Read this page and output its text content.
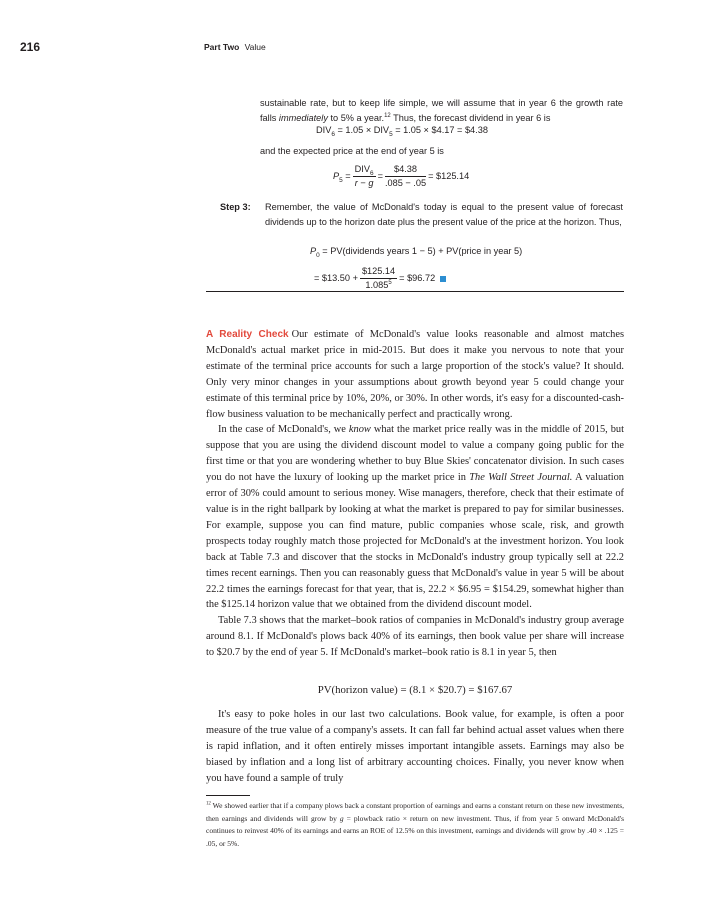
216	Part Two Value
sustainable rate, but to keep life simple, we will assume that in year 6 the growth rate falls immediately to 5% a year.$^{12}$ Thus, the forecast dividend in year 6 is
$DIV_6 = 1.05 \times DIV_5 = 1.05$ × $4.17 = $4.38
and the expected price at the end of year 5 is
$P_5 = \frac{DIV_6}{r - g} = \frac{\$4.38}{.085 - .05}$ = $125.14
Step 3: Remember, the value of McDonald's today is equal to the present value of forecast dividends up to the horizon date plus the present value of the price at the horizon. Thus,
$P_0$ = PV(dividends years 1 − 5) + PV(price in year 5)
= $13.50 + $\frac{\$125.14}{1.085^5}$ = $96.72

A Reality Check Our estimate of McDonald's value looks reasonable and almost matches McDonald's actual market price in mid-2015. But does it make you nervous to note that your estimate of the terminal price accounts for such a large proportion of the stock's value? It should. Only very minor changes in your assumptions about growth beyond year 5 could change your estimate of this terminal price by 10%, 20%, or 30%. In other words, it's easy for a discounted-cash-flow business valuation to be mechanically perfect and practically wrong.

In the case of McDonald's, we know what the market price really was in the middle of 2015, but suppose that you are using the dividend discount model to value a company going public for the first time or that you are wondering whether to buy Blue Skies' concatenator division. In such cases you do not have the luxury of looking up the market price in The Wall Street Journal. A valuation error of 30% could amount to serious money. Wise managers, therefore, check that their estimate of value is in the right ballpark by looking at what the market is prepared to pay for similar businesses. For example, suppose you can find mature, public companies whose scale, risk, and growth prospects today roughly match those projected for McDonald's at the investment horizon. You look back at Table 7.3 and discover that the stocks in McDonald's industry group typically sell at 22.2 times recent earnings. Then you can reasonably guess that McDonald's value in year 5 will be about 22.2 times the earnings forecast for that year, that is, 22.2 × $6.95 = $154.29, somewhat higher than the $125.14 horizon value that we obtained from the dividend discount model.

Table 7.3 shows that the market–book ratios of companies in McDonald's industry group average around 8.1. If McDonald's plows back 40% of its earnings, then book value per share will increase to $20.7 by the end of year 5. If McDonald's market–book ratio is 8.1 in year 5, then

PV(horizon value) = (8.1 × $20.7) = $167.67

It's easy to poke holes in our last two calculations. Book value, for example, is often a poor measure of the true value of a company's assets. It can fall far behind actual asset values when there is rapid inflation, and it often entirely misses important intangible assets. Earnings may also be biased by inflation and a long list of arbitrary accounting choices. Finally, you never know when you have found a sample of truly

$^{12}$ We showed earlier that if a company plows back a constant proportion of earnings and earns a constant return on these new investments, then earnings and dividends will grow by g = plowback ratio × return on new investment. Thus, if from year 5 onward McDonald's continues to reinvest 40% of its earnings and earns an ROE of 12.5% on this investment, earnings and dividends will grow by .40 × .125 = .05, or 5%.
